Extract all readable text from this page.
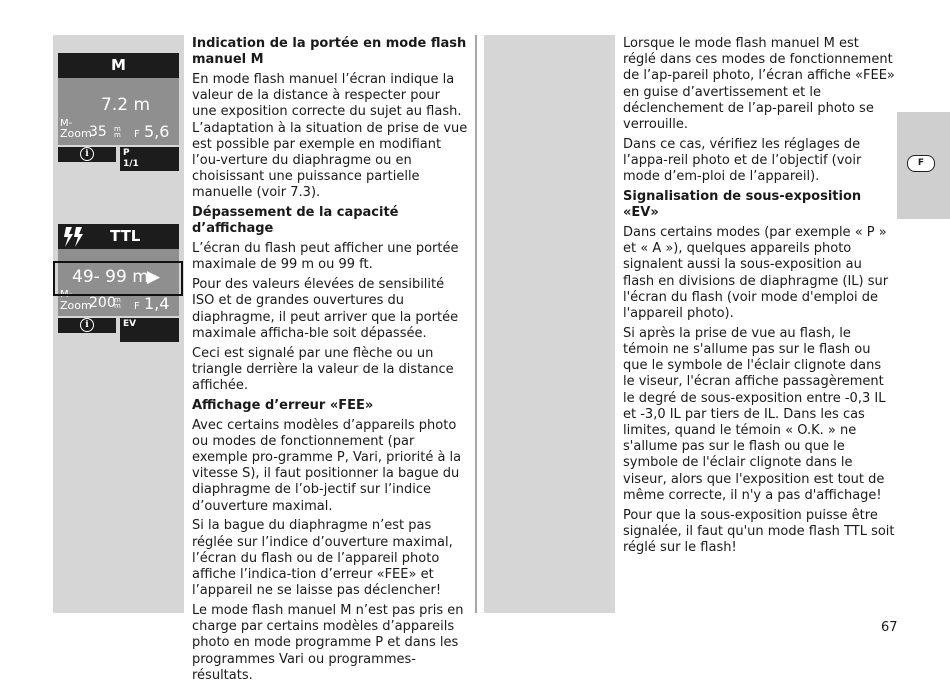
F
M
7.2 m
M-
Zoom
35 mm F 5,6
i	P
1/1
TTL
49- 99 m
▶
M-
Zoom
200
mm F 1,4
i	EV

Indication de la portée en mode flash manuel M

En mode flash manuel l’écran indique la valeur de la distance à respecter pour une exposition correcte du sujet au flash. L’adaptation à la situation de prise de vue est possible par exemple en modifiant l’ou-verture du diaphragme ou en choisissant une puissance partielle manuelle (voir 7.3).

Dépassement de la capacité d’affichage

L’écran du flash peut afficher une portée maximale de 99 m ou 99 ft.

Pour des valeurs élevées de sensibilité ISO et de grandes ouvertures du diaphragme, il peut arriver que la portée maximale afficha-ble soit dépassée.

Ceci est signalé par une flèche ou un triangle derrière la valeur de la distance affichée.

Affichage d’erreur «FEE»

Avec certains modèles d’appareils photo ou modes de fonctionnement (par exemple pro-gramme P, Vari, priorité à la vitesse S), il faut positionner la bague du diaphragme de l’ob-jectif sur l’indice d’ouverture maximal.

Si la bague du diaphragme n’est pas réglée sur l’indice d’ouverture maximal, l’écran du flash ou de l’appareil photo affiche l’indica-tion d’erreur «FEE» et l’appareil ne se laisse pas déclencher!

Le mode flash manuel M n’est pas pris en charge par certains modèles d’appareils photo en mode programme P et dans les programmes Vari ou programmes-résultats.

Lorsque le mode flash manuel M est réglé dans ces modes de fonctionnement de l’ap-pareil photo, l’écran affiche «FEE» en guise d’avertissement et le déclenchement de l’ap-pareil photo se verrouille.

Dans ce cas, vérifiez les réglages de l’appa-reil photo et de l’objectif (voir mode d’em-ploi de l’appareil).

Signalisation de sous-exposition «EV»

Dans certains modes (par exemple « P » et « A »), quelques appareils photo signalent aussi la sous-exposition au flash en divisions de diaphragme (IL) sur l'écran du flash (voir mode d'emploi de l'appareil photo).

Si après la prise de vue au flash, le témoin ne s'allume pas sur le flash ou que le symbole de l'éclair clignote dans le viseur, l'écran affiche passagèrement le degré de sous-exposition entre -0,3 IL et -3,0 IL par tiers de IL. Dans les cas limites, quand le témoin « O.K. » ne s'allume pas sur le flash ou que le symbole de l'éclair clignote dans le viseur, alors que l'exposition est tout de même correcte, il n'y a pas d'affichage!

Pour que la sous-exposition puisse être signalée, il faut qu'un mode flash TTL soit réglé sur le flash!

67
